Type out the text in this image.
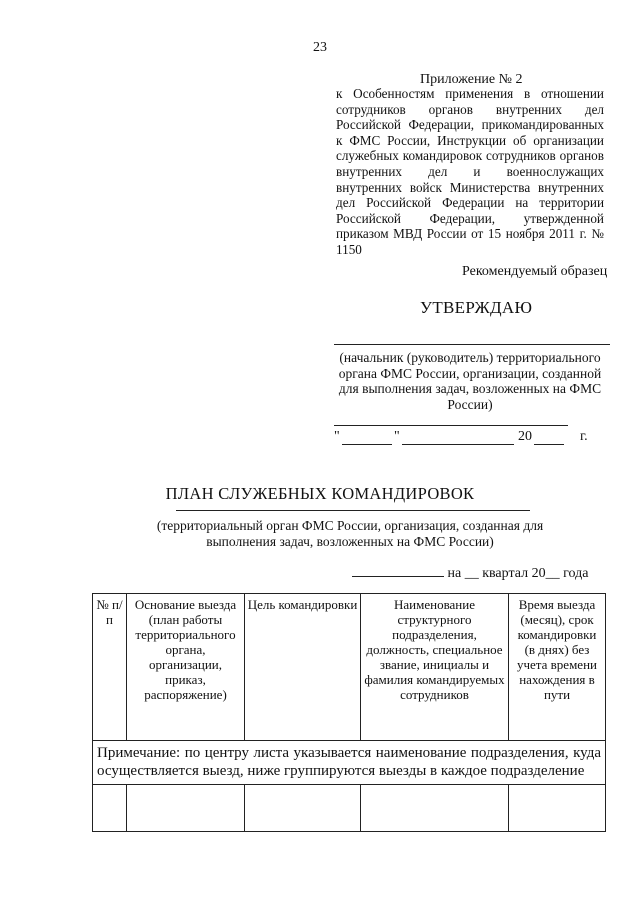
23
Приложение № 2
к Особенностям применения в отношении сотрудников органов внутренних дел Российской Федерации, прикомандированных к ФМС России, Инструкции об организации служебных командировок сотрудников органов внутренних дел и военнослужащих внутренних войск Министерства внутренних дел Российской Федерации на территории Российской Федерации, утвержденной приказом МВД России от 15 ноября 2011 г. № 1150
Рекомендуемый образец
УТВЕРЖДАЮ
(начальник (руководитель) территориального органа ФМС России, организации, созданной для выполнения задач, возложенных на ФМС России)
"	"	20	г.
ПЛАН СЛУЖЕБНЫХ КОМАНДИРОВОК
(территориальный орган ФМС России, организация, созданная для выполнения задач, возложенных на ФМС России)
на __ квартал 20__ года
№ п/п	Основание выезда (план работы территориального органа, организации, приказ, распоряжение)	Цель командировки	Наименование структурного подразделения, должность, специальное звание, инициалы и фамилия командируемых сотрудников	Время выезда (месяц), срок командировки (в днях) без учета времени нахождения в пути
Примечание: по центру листа указывается наименование подразделения, куда осуществляется выезд, ниже группируются выезды в каждое подразделение				
